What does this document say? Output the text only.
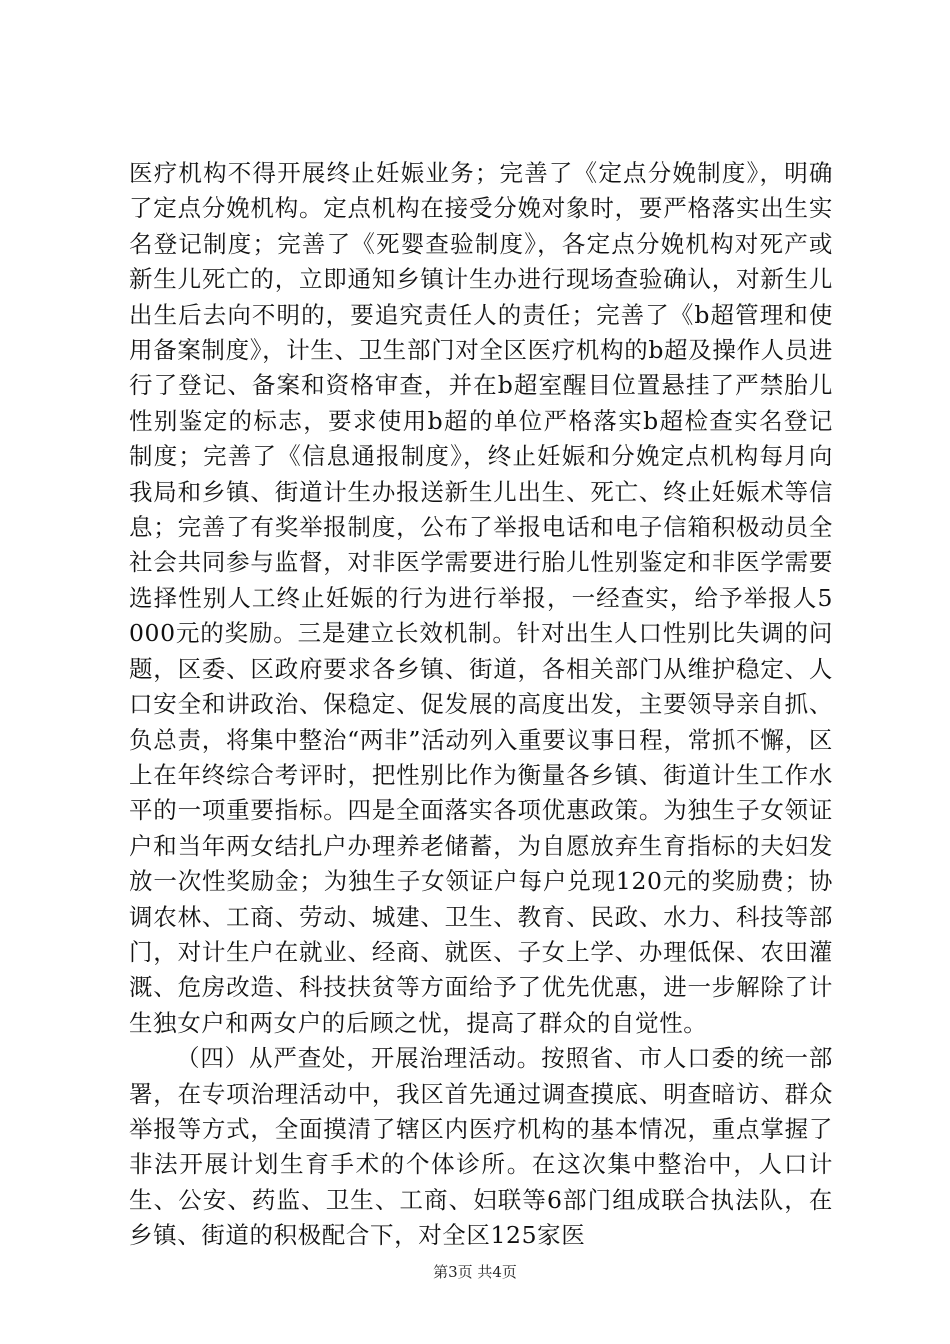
医疗机构不得开展终止妊娠业务；完善了《定点分娩制度》，明确了定点分娩机构。定点机构在接受分娩对象时，要严格落实出生实名登记制度；完善了《死婴查验制度》，各定点分娩机构对死产或新生儿死亡的，立即通知乡镇计生办进行现场查验确认，对新生儿出生后去向不明的，要追究责任人的责任；完善了《b超管理和使用备案制度》，计生、卫生部门对全区医疗机构的b超及操作人员进行了登记、备案和资格审查，并在b超室醒目位置悬挂了严禁胎儿性别鉴定的标志，要求使用b超的单位严格落实b超检查实名登记制度；完善了《信息通报制度》，终止妊娠和分娩定点机构每月向我局和乡镇、街道计生办报送新生儿出生、死亡、终止妊娠术等信息；完善了有奖举报制度，公布了举报电话和电子信箱积极动员全社会共同参与监督，对非医学需要进行胎儿性别鉴定和非医学需要选择性别人工终止妊娠的行为进行举报，一经查实，给予举报人5000元的奖励。三是建立长效机制。针对出生人口性别比失调的问题，区委、区政府要求各乡镇、街道，各相关部门从维护稳定、人口安全和讲政治、保稳定、促发展的高度出发，主要领导亲自抓、负总责，将集中整治“两非”活动列入重要议事日程，常抓不懈，区上在年终综合考评时，把性别比作为衡量各乡镇、街道计生工作水平的一项重要指标。四是全面落实各项优惠政策。为独生子女领证户和当年两女结扎户办理养老储蓄，为自愿放弃生育指标的夫妇发放一次性奖励金；为独生子女领证户每户兑现120元的奖励费；协调农林、工商、劳动、城建、卫生、教育、民政、水力、科技等部门，对计生户在就业、经商、就医、子女上学、办理低保、农田灌溉、危房改造、科技扶贫等方面给予了优先优惠，进一步解除了计生独女户和两女户的后顾之忧，提高了群众的自觉性。

（四）从严查处，开展治理活动。按照省、市人口委的统一部署，在专项治理活动中，我区首先通过调查摸底、明查暗访、群众举报等方式，全面摸清了辖区内医疗机构的基本情况，重点掌握了非法开展计划生育手术的个体诊所。在这次集中整治中，人口计生、公安、药监、卫生、工商、妇联等6部门组成联合执法队，在乡镇、街道的积极配合下，对全区125家医

第3页 共4页
